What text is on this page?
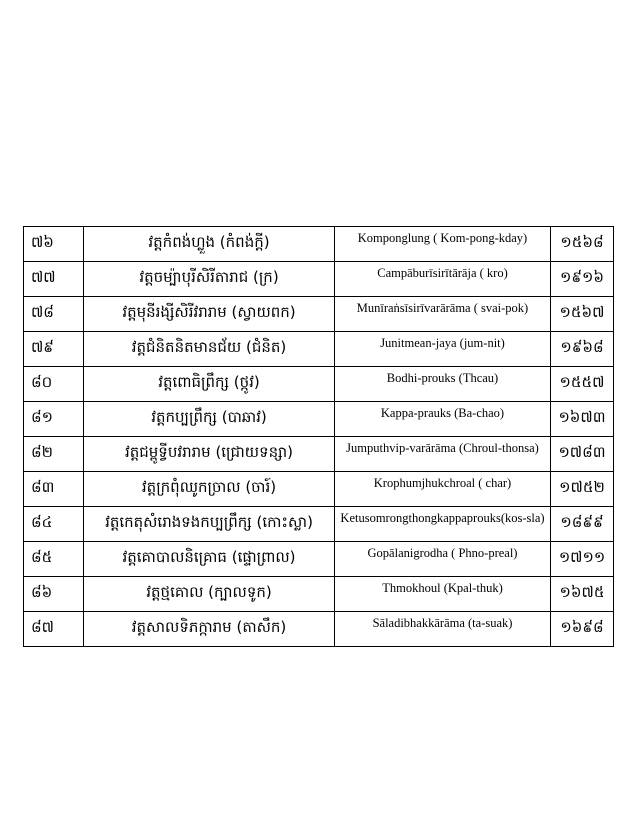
៧៦	វត្តកំពង់ហ្លួង (កំពង់ក្តី)	Komponglung ( Kom-pong-kday)	១៥៦៨
៧៧	វត្តចម្ប៉ាបុរីសិរីតារាជ (ក្រ)	Campāburīsirītārāja ( kro)	១៩១៦
៧៨	វត្តមុនីរង្សីសិរីវរារាម (ស្វាយពក)	Munīraṅsīsirīvarārāma ( svai-pok)	១៥៦៧
៧៩	វត្តជំនិតនិតមានជ័យ (ជំនិត)	Junitmean-jaya (jum-nit)	១៩៦៨
៨០	វត្តពោធិព្រឹក្ស (ថ្កូវ)	Bodhi-prouks (Thcau)	១៥៥៧
៨១	វត្តកប្បព្រឹក្ស (បាឆាវ)	Kappa-prauks (Ba-chao)	១៦៧៣
៨២	វត្តជម្ពូទ្វីបវរារាម (ជ្រោយទន្សា)	Jumputhvip-varārāma (Chroul-thonsa)	១៧៨៣
៨៣	វត្តក្រពុំឈូកច្រាល (ចារ៍)	Krophumjhukchroal ( char)	១៧៥២
៨៤	វត្តកេតុសំរោងទងកប្បព្រឹក្ស (កោះស្លា)	Ketusomrongthongkappaprouks(kos-sla)	១៨៩៩
៨៥	វត្តគោបាលនិគ្រោធ (ផ្ទោព្រាល)	Gopālanigrodha ( Phno-preal)	១៧១១
៨៦	វត្តថ្មគោល (ក្បាលទូក)	Thmokhoul (Kpal-thuk)	១៦៧៥
៨៧	វត្តសាលទិភក្ការាម (តាសឹក)	Sāladibhakkārāma (ta-suak)	១៦៩៨
